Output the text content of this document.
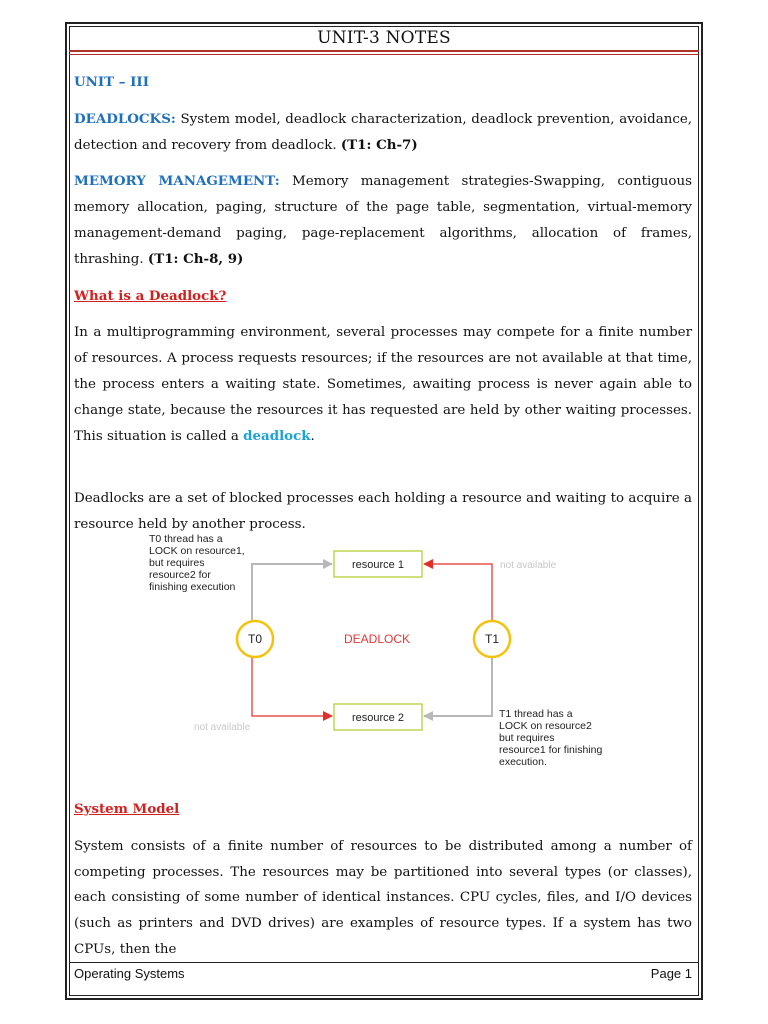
UNIT-3 NOTES

UNIT – III

DEADLOCKS: System model, deadlock characterization, deadlock prevention, avoidance, detection and recovery from deadlock. (T1: Ch-7)

MEMORY MANAGEMENT: Memory management strategies-Swapping, contiguous memory allocation, paging, structure of the page table, segmentation, virtual-memory management-demand paging, page-replacement algorithms, allocation of frames, thrashing. (T1: Ch-8, 9)

What is a Deadlock?

In a multiprogramming environment, several processes may compete for a finite number of resources. A process requests resources; if the resources are not available at that time, the process enters a waiting state. Sometimes, awaiting process is never again able to change state, because the resources it has requested are held by other waiting processes. This situation is called a deadlock.

Deadlocks are a set of blocked processes each holding a resource and waiting to acquire a resource held by another process.

T0 thread has a LOCK on resource1, but requires resource2 for finishing execution
resource 1	not available
T0	DEADLOCK	T1
not available
resource 2	T1 thread has a LOCK on resource2 but requires resource1 for finishing execution.

System Model

System consists of a finite number of resources to be distributed among a number of competing processes. The resources may be partitioned into several types (or classes), each consisting of some number of identical instances. CPU cycles, files, and I/O devices (such as printers and DVD drives) are examples of resource types. If a system has two CPUs, then the

Operating Systems	Page 1
